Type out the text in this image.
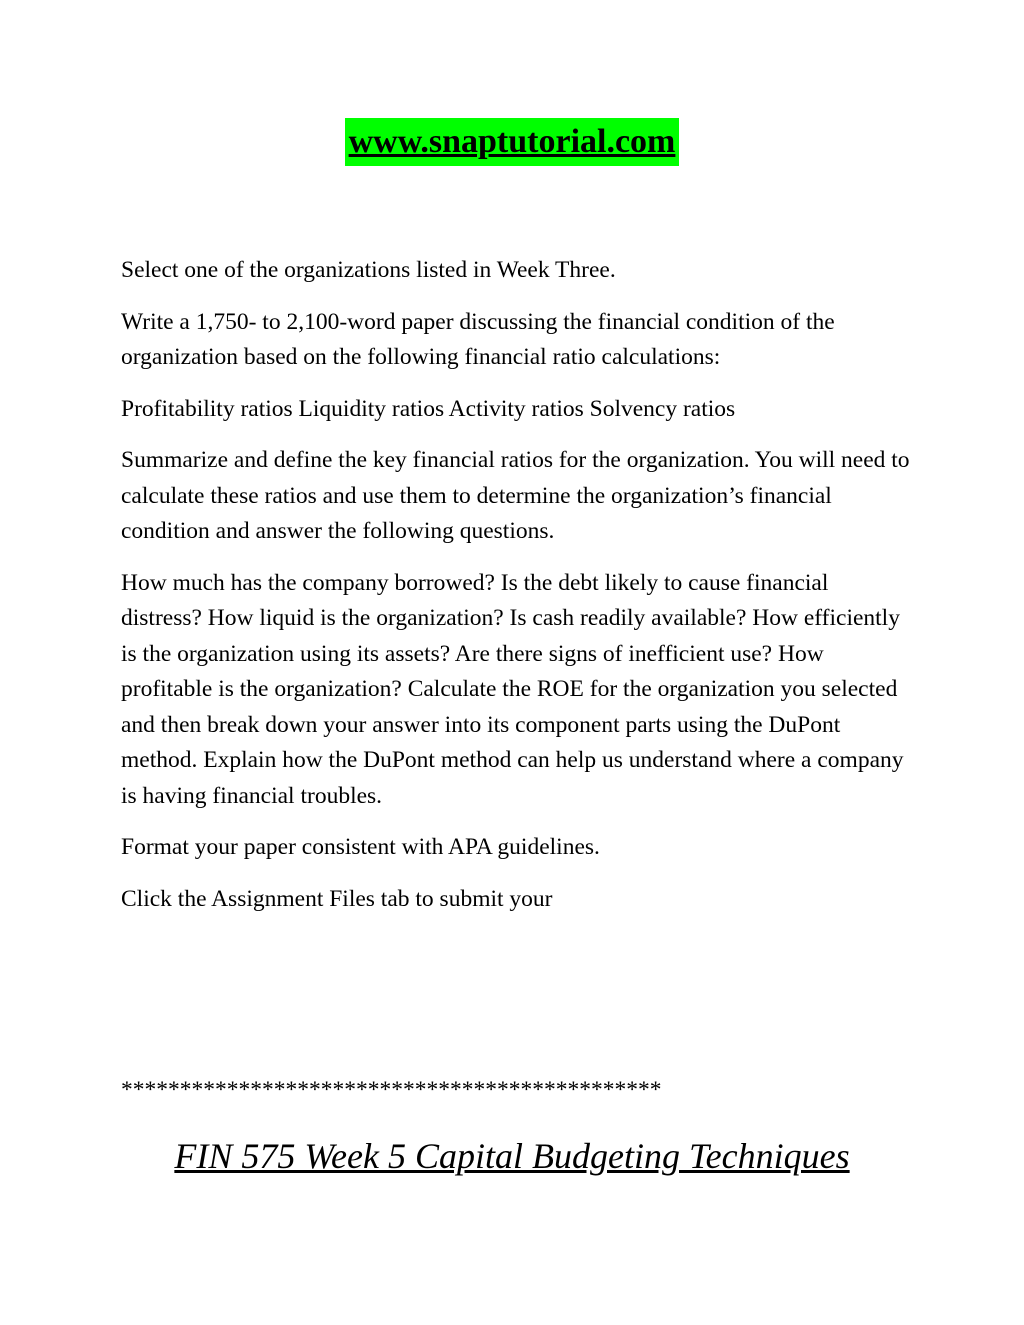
www.snaptutorial.com

Select one of the organizations listed in Week Three.

Write a 1,750- to 2,100-word paper discussing the financial condition of the organization based on the following financial ratio calculations:

Profitability ratios Liquidity ratios Activity ratios Solvency ratios

Summarize and define the key financial ratios for the organization. You will need to calculate these ratios and use them to determine the organization’s financial condition and answer the following questions.

How much has the company borrowed? Is the debt likely to cause financial distress? How liquid is the organization? Is cash readily available? How efficiently is the organization using its assets? Are there signs of inefficient use? How profitable is the organization? Calculate the ROE for the organization you selected and then break down your answer into its component parts using the DuPont method. Explain how the DuPont method can help us understand where a company is having financial troubles.

Format your paper consistent with APA guidelines.

Click the Assignment Files tab to submit your

**********************************************
FIN 575 Week 5 Capital Budgeting Techniques
